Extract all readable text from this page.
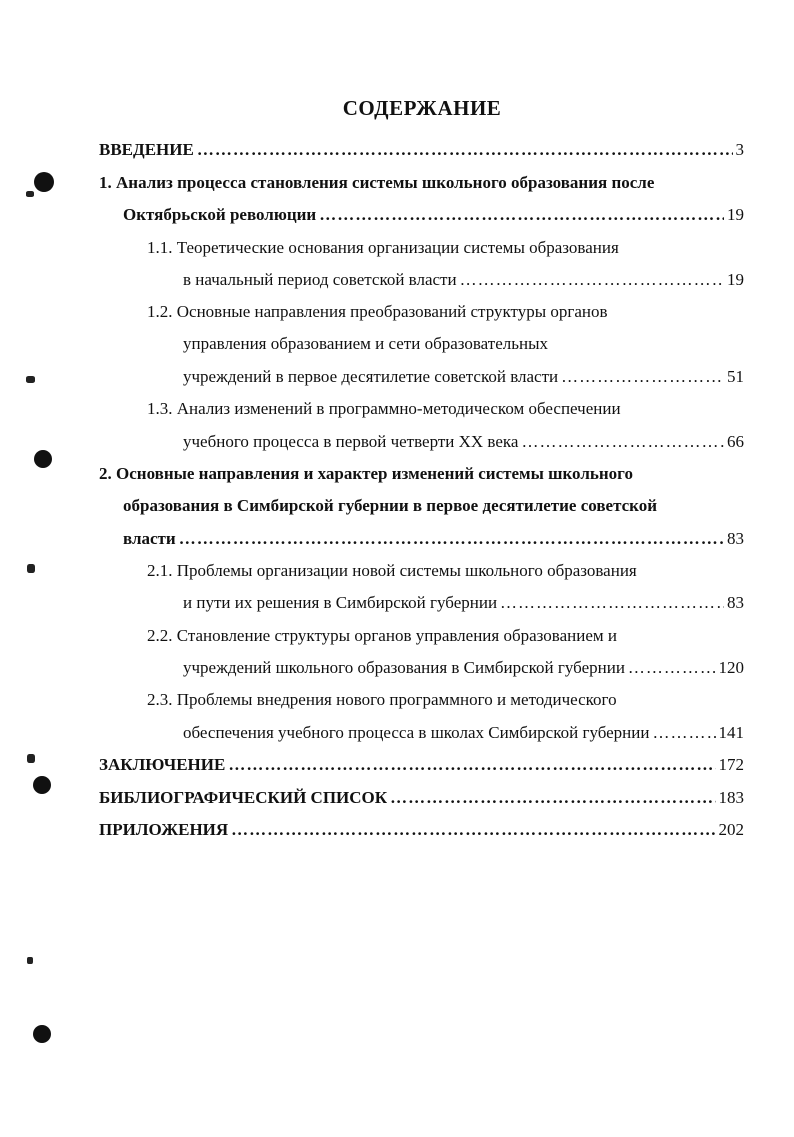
СОДЕРЖАНИЕ
ВВЕДЕНИЕ ……………………………………………………………………………………………………………………………………………………	3
1. Анализ процесса становления системы школьного образования после
Октябрьской революции ……………………………………………………………………………………………………………………………………………………	19
1.1. Теоретические основания организации системы образования
в начальный период советской власти ……………………………………………………………………………………………………………………………………………………	19
1.2. Основные направления преобразований структуры органов
управления образованием и сети образовательных
учреждений в первое десятилетие советской власти ……………………………………………………………………………………………………………………………………………………	51
1.3. Анализ изменений в программно-методическом обеспечении
учебного процесса в первой четверти XX века ……………………………………………………………………………………………………………………………………………………	66
2. Основные направления и характер изменений системы школьного
образования в Симбирской губернии в первое десятилетие советской
власти ……………………………………………………………………………………………………………………………………………………	83
2.1. Проблемы организации новой системы школьного образования
и пути их решения в Симбирской губернии ……………………………………………………………………………………………………………………………………………………	83
2.2. Становление структуры органов управления образованием и
учреждений школьного образования в Симбирской губернии ……………………………………………………………………………………………………………………………………………………	120
2.3. Проблемы внедрения нового программного и методического
обеспечения учебного процесса в школах Симбирской губернии ……………………………………………………………………………………………………………………………………………………	141
ЗАКЛЮЧЕНИЕ ……………………………………………………………………………………………………………………………………………………	172
БИБЛИОГРАФИЧЕСКИЙ СПИСОК ……………………………………………………………………………………………………………………………………………………	183
ПРИЛОЖЕНИЯ ……………………………………………………………………………………………………………………………………………………	202
